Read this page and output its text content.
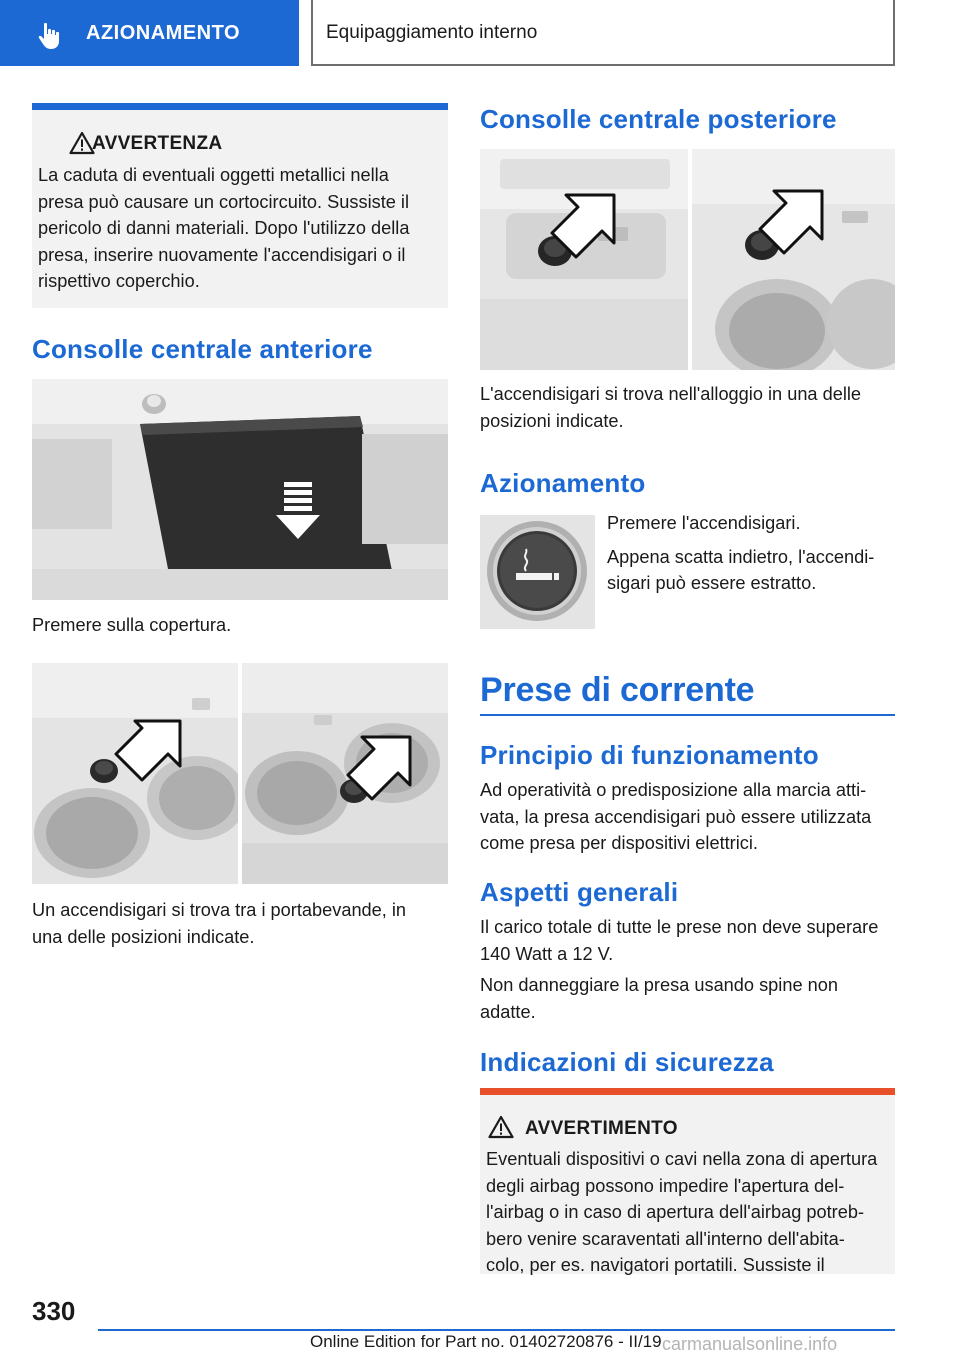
AZIONAMENTO	Equipaggiamento interno
AVVERTENZA
La caduta di eventuali oggetti metallici nella
presa può causare un cortocircuito. Sussiste il
pericolo di danni materiali. Dopo l'utilizzo della
presa, inserire nuovamente l'accendisigari o il
rispettivo coperchio.
Consolle centrale anteriore
Premere sulla copertura.
Un accendisigari si trova tra i portabevande, in
una delle posizioni indicate.
Consolle centrale posteriore
L'accendisigari si trova nell'alloggio in una delle
posizioni indicate.
Azionamento
Premere l'accendisigari.
Appena scatta indietro, l'accendi-
sigari può essere estratto.
Prese di corrente
Principio di funzionamento
Ad operatività o predisposizione alla marcia atti-
vata, la presa accendisigari può essere utilizzata
come presa per dispositivi elettrici.
Aspetti generali
Il carico totale di tutte le prese non deve superare
140 Watt a 12 V.
Non danneggiare la presa usando spine non
adatte.
Indicazioni di sicurezza
AVVERTIMENTO
Eventuali dispositivi o cavi nella zona di apertura
degli airbag possono impedire l'apertura del-
l'airbag o in caso di apertura dell'airbag potreb-
bero venire scaraventati all'interno dell'abita-
colo, per es. navigatori portatili. Sussiste il
330
Online Edition for Part no. 01402720876 - II/19 carmanualsonline.info
